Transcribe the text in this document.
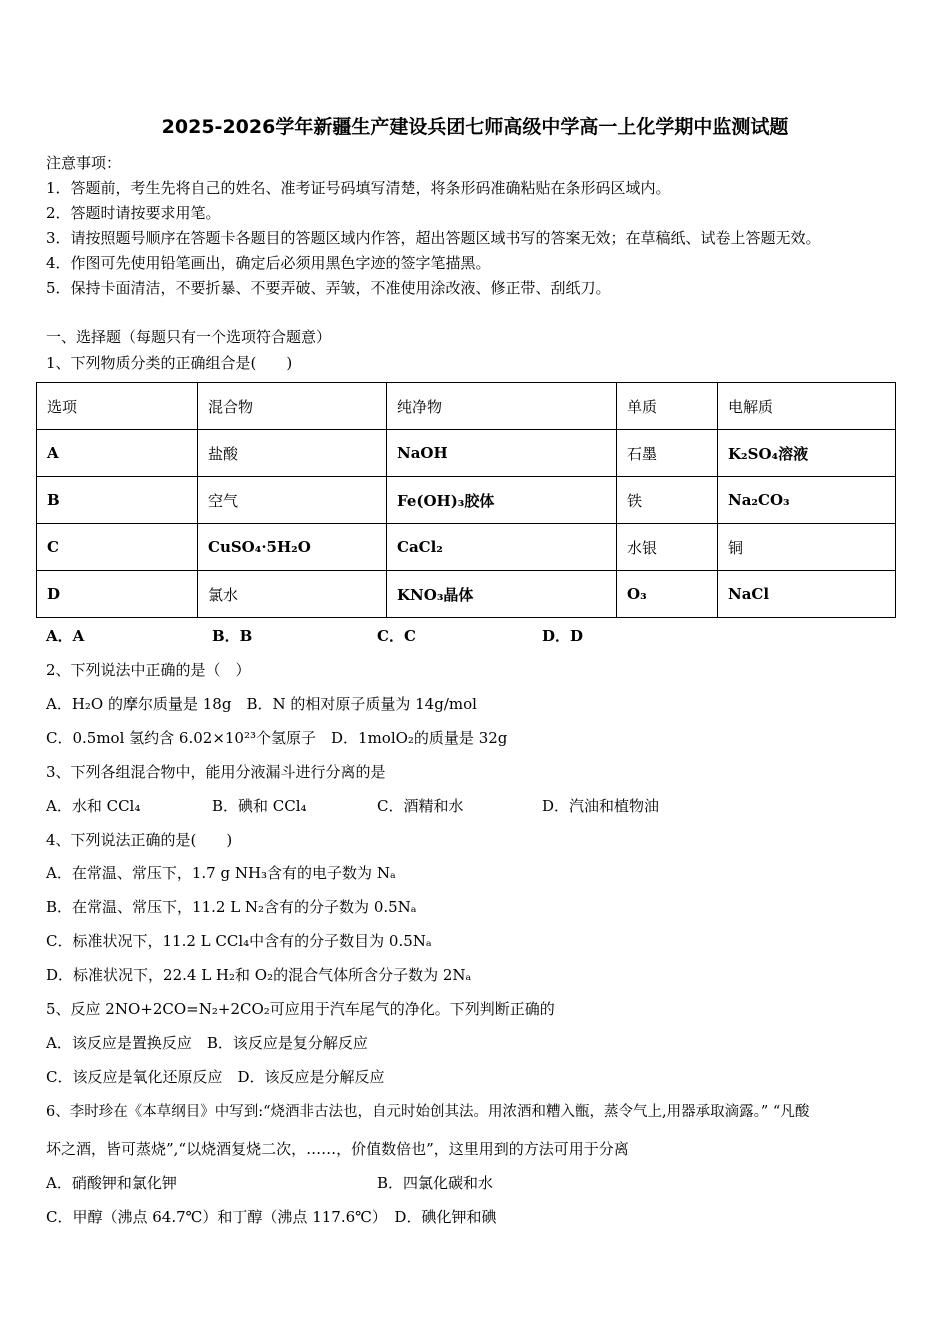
2025-2026学年新疆生产建设兵团七师高级中学高一上化学期中监测试题
注意事项：
1．答题前，考生先将自己的姓名、准考证号码填写清楚，将条形码准确粘贴在条形码区域内。
2．答题时请按要求用笔。
3．请按照题号顺序在答题卡各题目的答题区域内作答，超出答题区域书写的答案无效；在草稿纸、试卷上答题无效。
4．作图可先使用铅笔画出，确定后必须用黑色字迹的签字笔描黑。
5．保持卡面清洁，不要折暴、不要弄破、弄皱，不准使用涂改液、修正带、刮纸刀。
一、选择题（每题只有一个选项符合题意）
1、下列物质分类的正确组合是(　　)
选项	混合物	纯净物	单质	电解质
A	盐酸	NaOH	石墨	K₂SO₄溶液
B	空气	Fe(OH)₃胶体	铁	Na₂CO₃
C	CuSO₄·5H₂O	CaCl₂	水银	铜
D	氯水	KNO₃晶体	O₃	NaCl
A．A	B．B	C．C	D．D
2、下列说法中正确的是（　）
A．H₂O 的摩尔质量是 18g　B．N 的相对原子质量为 14g/mol
C．0.5mol 氢约含 6.02×10²³个氢原子　D．1molO₂的质量是 32g
3、下列各组混合物中，能用分液漏斗进行分离的是
A．水和 CCl₄	B．碘和 CCl₄	C．酒精和水	D．汽油和植物油
4、下列说法正确的是(　　)
A．在常温、常压下，1.7 g NH₃含有的电子数为 Nₐ
B．在常温、常压下，11.2 L N₂含有的分子数为 0.5Nₐ
C．标准状况下，11.2 L CCl₄中含有的分子数目为 0.5Nₐ
D．标准状况下，22.4 L H₂和 O₂的混合气体所含分子数为 2Nₐ
5、反应 2NO+2CO=N₂+2CO₂可应用于汽车尾气的净化。下列判断正确的
A．该反应是置换反应　B．该反应是复分解反应
C．该反应是氧化还原反应　D．该反应是分解反应
6、李时珍在《本草纲目》中写到:“烧酒非古法也，自元时始创其法。用浓酒和糟入甑，蒸令气上,用器承取滴露。” “凡酸
坏之酒，皆可蒸烧”,“以烧酒复烧二次，……，价值数倍也”，这里用到的方法可用于分离
A．硝酸钾和氯化钾	B．四氯化碳和水
C．甲醇（沸点 64.7℃）和丁醇（沸点 117.6℃）　D．碘化钾和碘
